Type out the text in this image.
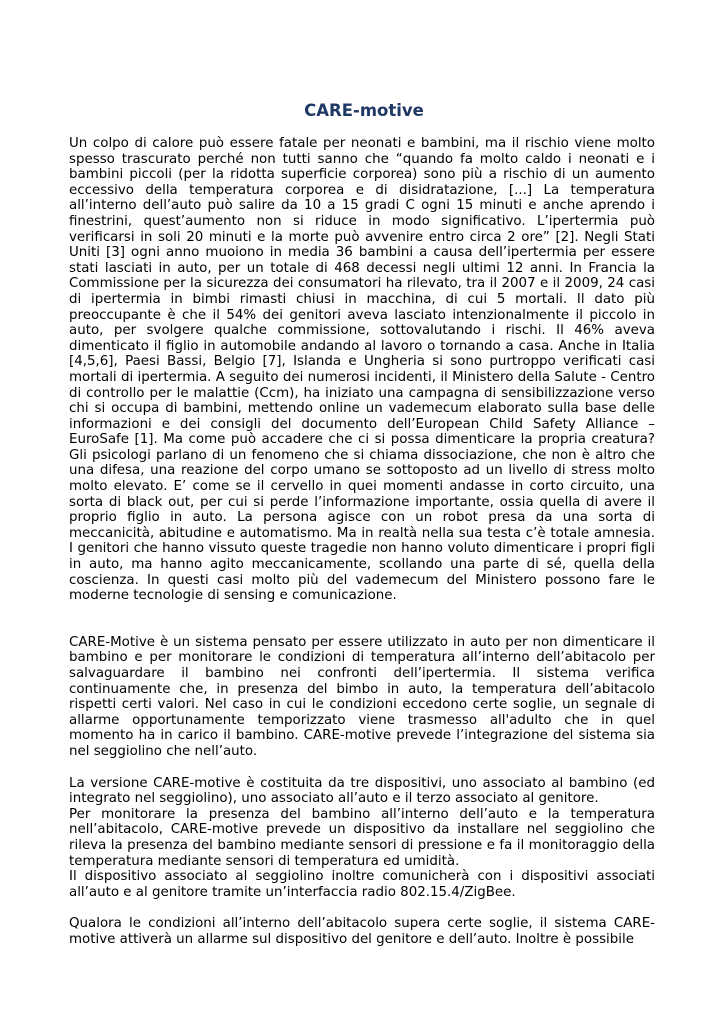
CARE-motive

Un colpo di calore può essere fatale per neonati e bambini, ma il rischio viene molto spesso trascurato perché non tutti sanno che “quando fa molto caldo i neonati e i bambini piccoli (per la ridotta superficie corporea) sono più a rischio di un aumento eccessivo della temperatura corporea e di disidratazione, [...] La temperatura all’interno dell’auto può salire da 10 a 15 gradi C ogni 15 minuti e anche aprendo i finestrini, quest’aumento non si riduce in modo significativo. L’ipertermia può verificarsi in soli 20 minuti e la morte può avvenire entro circa 2 ore” [2]. Negli Stati Uniti [3] ogni anno muoiono in media 36 bambini a causa dell’ipertermia per essere stati lasciati in auto, per un totale di 468 decessi negli ultimi 12 anni. In Francia la Commissione per la sicurezza dei consumatori ha rilevato, tra il 2007 e il 2009, 24 casi di ipertermia in bimbi rimasti chiusi in macchina, di cui 5 mortali. Il dato più preoccupante è che il 54% dei genitori aveva lasciato intenzionalmente il piccolo in auto, per svolgere qualche commissione, sottovalutando i rischi. Il 46% aveva dimenticato il figlio in automobile andando al lavoro o tornando a casa. Anche in Italia [4,5,6], Paesi Bassi, Belgio [7], Islanda e Ungheria si sono purtroppo verificati casi mortali di ipertermia. A seguito dei numerosi incidenti, il Ministero della Salute - Centro di controllo per le malattie (Ccm), ha iniziato una campagna di sensibilizzazione verso chi si occupa di bambini, mettendo online un vademecum elaborato sulla base delle informazioni e dei consigli del documento dell’European Child Safety Alliance – EuroSafe [1]. Ma come può accadere che ci si possa dimenticare la propria creatura? Gli psicologi parlano di un fenomeno che si chiama dissociazione, che non è altro che una difesa, una reazione del corpo umano se sottoposto ad un livello di stress molto molto elevato. E’ come se il cervello in quei momenti andasse in corto circuito, una sorta di black out, per cui si perde l’informazione importante, ossia quella di avere il proprio figlio in auto. La persona agisce con un robot presa da una sorta di meccanicità, abitudine e automatismo. Ma in realtà nella sua testa c’è totale amnesia. I genitori che hanno vissuto queste tragedie non hanno voluto dimenticare i propri figli in auto, ma hanno agito meccanicamente, scollando una parte di sé, quella della coscienza. In questi casi molto più del vademecum del Ministero possono fare le moderne tecnologie di sensing e comunicazione.

CARE-Motive è un sistema pensato per essere utilizzato in auto per non dimenticare il bambino e per monitorare le condizioni di temperatura all’interno dell’abitacolo per salvaguardare il bambino nei confronti dell’ipertermia. Il sistema verifica continuamente che, in presenza del bimbo in auto, la temperatura dell’abitacolo rispetti certi valori. Nel caso in cui le condizioni eccedono certe soglie, un segnale di allarme opportunamente temporizzato viene trasmesso all'adulto che in quel momento ha in carico il bambino. CARE-motive prevede l’integrazione del sistema sia nel seggiolino che nell’auto.

La versione CARE-motive è costituita da tre dispositivi, uno associato al bambino (ed integrato nel seggiolino), uno associato all’auto e il terzo associato al genitore.

Per monitorare la presenza del bambino all’interno dell’auto e la temperatura nell’abitacolo, CARE-motive prevede un dispositivo da installare nel seggiolino che rileva la presenza del bambino mediante sensori di pressione e fa il monitoraggio della temperatura mediante sensori di temperatura ed umidità.

Il dispositivo associato al seggiolino inoltre comunicherà con i dispositivi associati all’auto e al genitore tramite un’interfaccia radio 802.15.4/ZigBee.

Qualora le condizioni all’interno dell’abitacolo supera certe soglie, il sistema CARE-motive attiverà un allarme sul dispositivo del genitore e dell’auto. Inoltre è possibile
